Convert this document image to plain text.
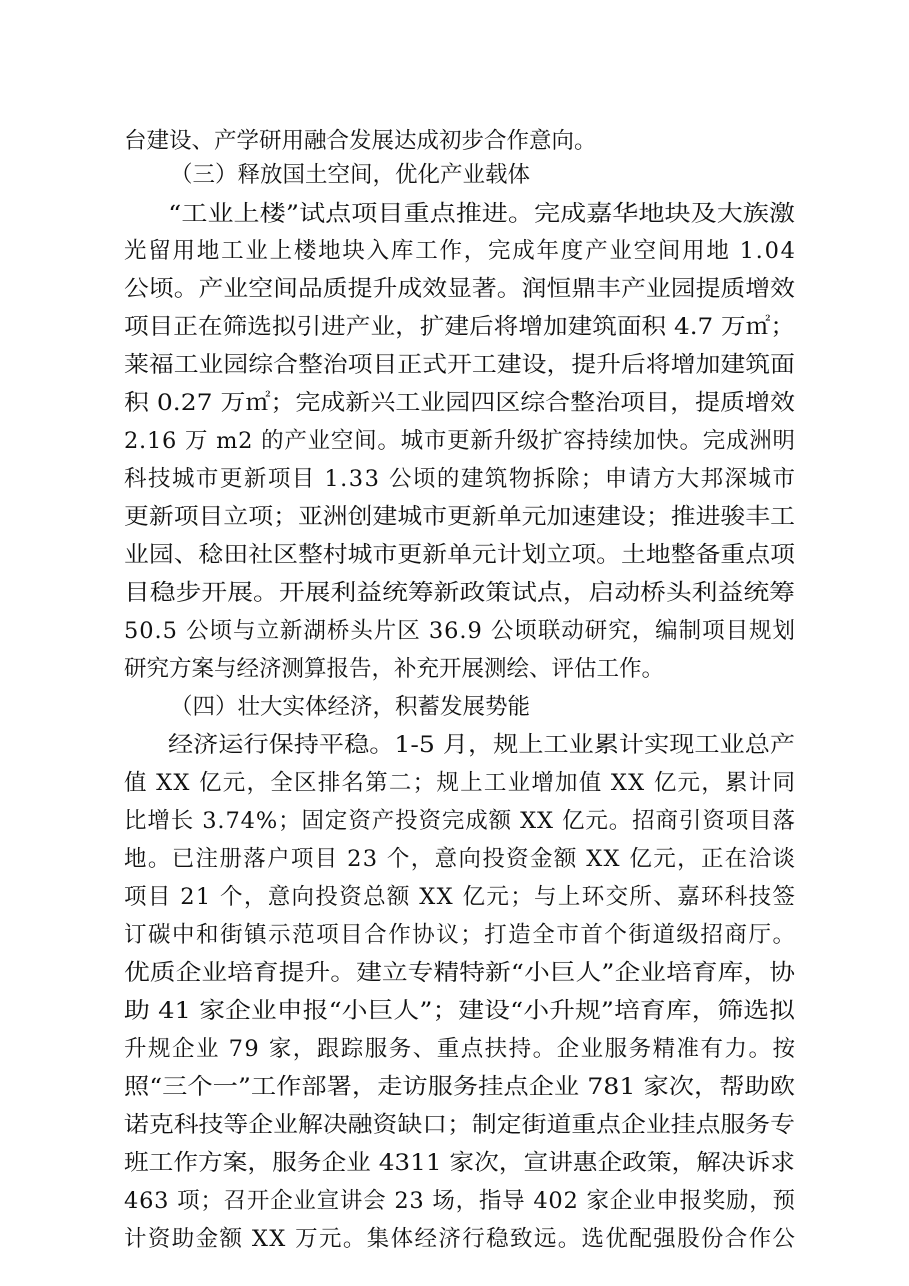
台建设、产学研用融合发展达成初步合作意向。
（三）释放国土空间，优化产业载体
“工业上楼”试点项目重点推进。完成嘉华地块及大族激
光留用地工业上楼地块入库工作，完成年度产业空间用地 1.04
公顷。产业空间品质提升成效显著。润恒鼎丰产业园提质增效
项目正在筛选拟引进产业，扩建后将增加建筑面积 4.7 万㎡；
莱福工业园综合整治项目正式开工建设，提升后将增加建筑面
积 0.27 万㎡；完成新兴工业园四区综合整治项目，提质增效
2.16 万 m2 的产业空间。城市更新升级扩容持续加快。完成洲明
科技城市更新项目 1.33 公顷的建筑物拆除；申请方大邦深城市
更新项目立项；亚洲创建城市更新单元加速建设；推进骏丰工
业园、稔田社区整村城市更新单元计划立项。土地整备重点项
目稳步开展。开展利益统筹新政策试点，启动桥头利益统筹
50.5 公顷与立新湖桥头片区 36.9 公顷联动研究，编制项目规划
研究方案与经济测算报告，补充开展测绘、评估工作。
（四）壮大实体经济，积蓄发展势能
经济运行保持平稳。1-5 月，规上工业累计实现工业总产
值 XX 亿元，全区排名第二；规上工业增加值 XX 亿元，累计同
比增长 3.74%；固定资产投资完成额 XX 亿元。招商引资项目落
地。已注册落户项目 23 个，意向投资金额 XX 亿元，正在洽谈
项目 21 个，意向投资总额 XX 亿元；与上环交所、嘉环科技签
订碳中和街镇示范项目合作协议；打造全市首个街道级招商厅。
优质企业培育提升。建立专精特新“小巨人”企业培育库，协
助 41 家企业申报“小巨人”；建设“小升规”培育库，筛选拟
升规企业 79 家，跟踪服务、重点扶持。企业服务精准有力。按
照“三个一”工作部署，走访服务挂点企业 781 家次，帮助欧
诺克科技等企业解决融资缺口；制定街道重点企业挂点服务专
班工作方案，服务企业 4311 家次，宣讲惠企政策，解决诉求
463 项；召开企业宣讲会 23 场，指导 402 家企业申报奖励，预
计资助金额 XX 万元。集体经济行稳致远。选优配强股份合作公
